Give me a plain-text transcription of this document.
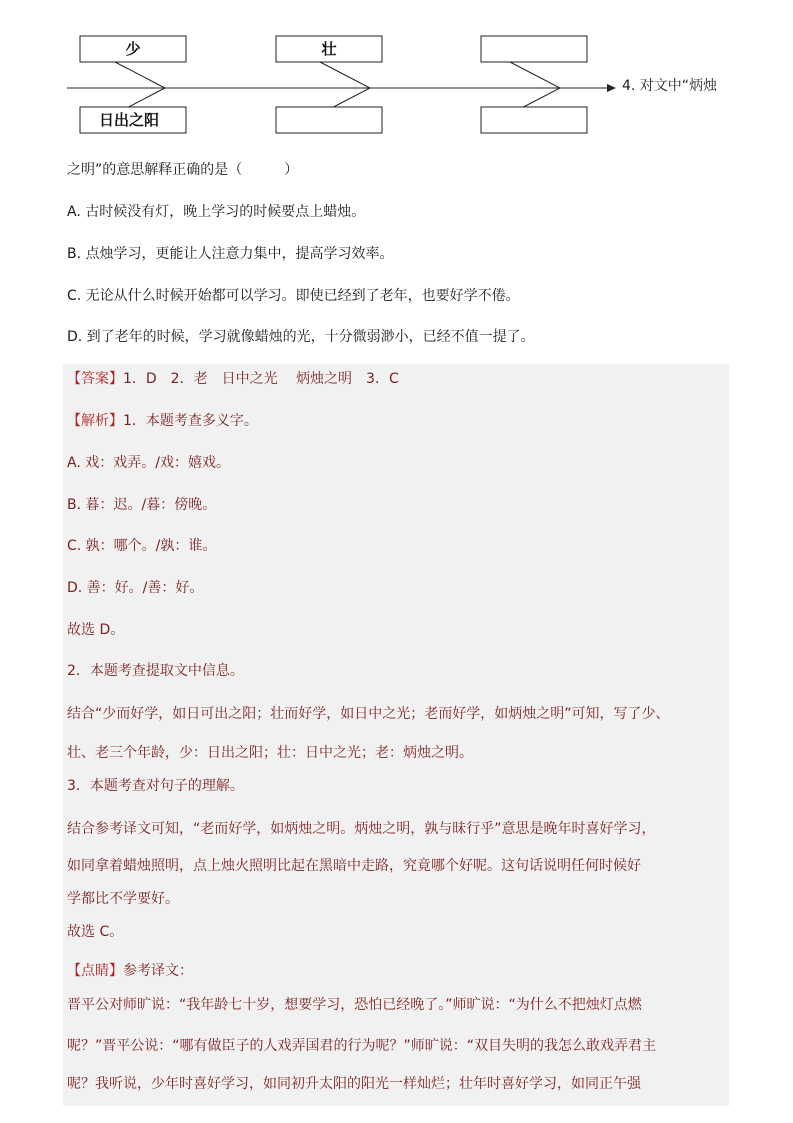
少	壮
日出之阳
4. 对文中“炳烛
之明”的意思解释正确的是（　　　）
A. 古时候没有灯，晚上学习的时候要点上蜡烛。
B. 点烛学习，更能让人注意力集中，提高学习效率。
C. 无论从什么时候开始都可以学习。即使已经到了老年，也要好学不倦。
D. 到了老年的时候，学习就像蜡烛的光，十分微弱渺小，已经不值一提了。
【答案】1．D　2．老　日中之光　 炳烛之明　3．C
【解析】1．本题考查多义字。
A. 戏：戏弄。/戏：嬉戏。
B. 暮：迟。/暮：傍晚。
C. 孰：哪个。/孰：谁。
D. 善：好。/善：好。
故选 D。
2．本题考查提取文中信息。
结合“少而好学，如日可出之阳；壮而好学，如日中之光；老而好学，如炳烛之明”可知，写了少、
壮、老三个年龄，少：日出之阳；壮：日中之光；老：炳烛之明。
3．本题考查对句子的理解。
结合参考译文可知，“老而好学，如炳烛之明。炳烛之明，孰与昧行乎”意思是晚年时喜好学习，
如同拿着蜡烛照明，点上烛火照明比起在黑暗中走路，究竟哪个好呢。这句话说明任何时候好
学都比不学要好。
故选 C。
【点睛】参考译文：
晋平公对师旷说：“我年龄七十岁，想要学习，恐怕已经晚了。”师旷说：“为什么不把烛灯点燃
呢？”晋平公说：“哪有做臣子的人戏弄国君的行为呢？”师旷说：“双目失明的我怎么敢戏弄君主
呢？我听说，少年时喜好学习，如同初升太阳的阳光一样灿烂；壮年时喜好学习，如同正午强
